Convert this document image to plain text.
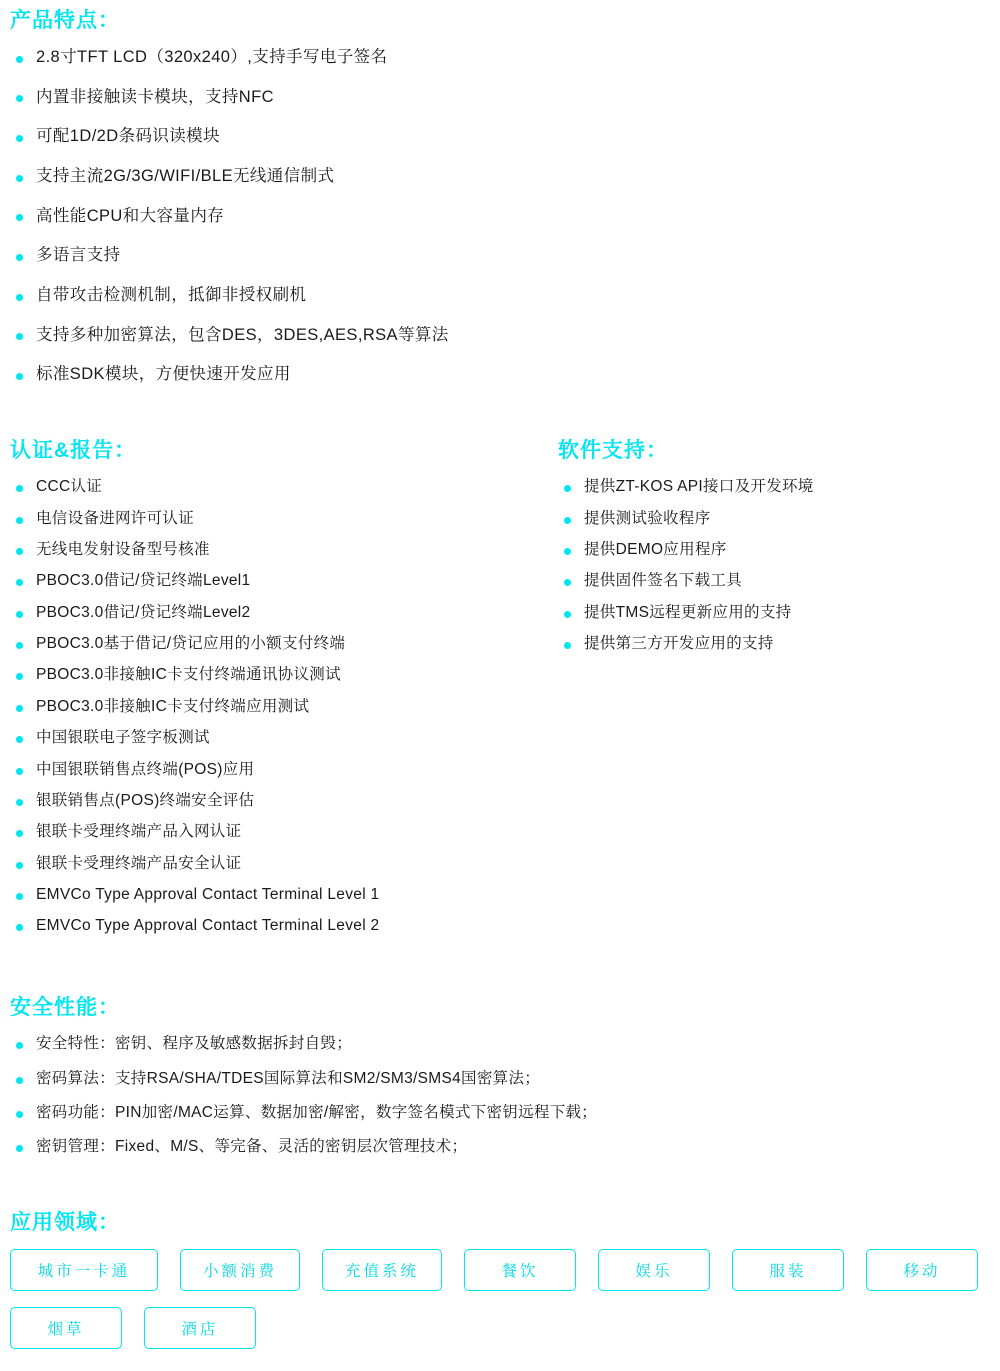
产品特点：
2.8寸TFT LCD（320x240）,支持手写电子签名
内置非接触读卡模块，支持NFC
可配1D/2D条码识读模块
支持主流2G/3G/WIFI/BLE无线通信制式
高性能CPU和大容量内存
多语言支持
自带攻击检测机制，抵御非授权刷机
支持多种加密算法，包含DES，3DES,AES,RSA等算法
标准SDK模块，方便快速开发应用
认证&报告：
CCC认证
电信设备进网许可认证
无线电发射设备型号核准
PBOC3.0借记/贷记终端Level1
PBOC3.0借记/贷记终端Level2
PBOC3.0基于借记/贷记应用的小额支付终端
PBOC3.0非接触IC卡支付终端通讯协议测试
PBOC3.0非接触IC卡支付终端应用测试
中国银联电子签字板测试
中国银联销售点终端(POS)应用
银联销售点(POS)终端安全评估
银联卡受理终端产品入网认证
银联卡受理终端产品安全认证
EMVCo Type Approval Contact Terminal Level 1
EMVCo Type Approval Contact Terminal Level 2
软件支持：
提供ZT-KOS API接口及开发环境
提供测试验收程序
提供DEMO应用程序
提供固件签名下载工具
提供TMS远程更新应用的支持
提供第三方开发应用的支持
安全性能：
安全特性：密钥、程序及敏感数据拆封自毁；
密码算法：支持RSA/SHA/TDES国际算法和SM2/SM3/SMS4国密算法；
密码功能：PIN加密/MAC运算、数据加密/解密，数字签名模式下密钥远程下载；
密钥管理：Fixed、M/S、等完备、灵活的密钥层次管理技术；
应用领域：
城市一卡通	小额消费	充值系统	餐饮	娱乐	服装	移动
烟草	酒店
